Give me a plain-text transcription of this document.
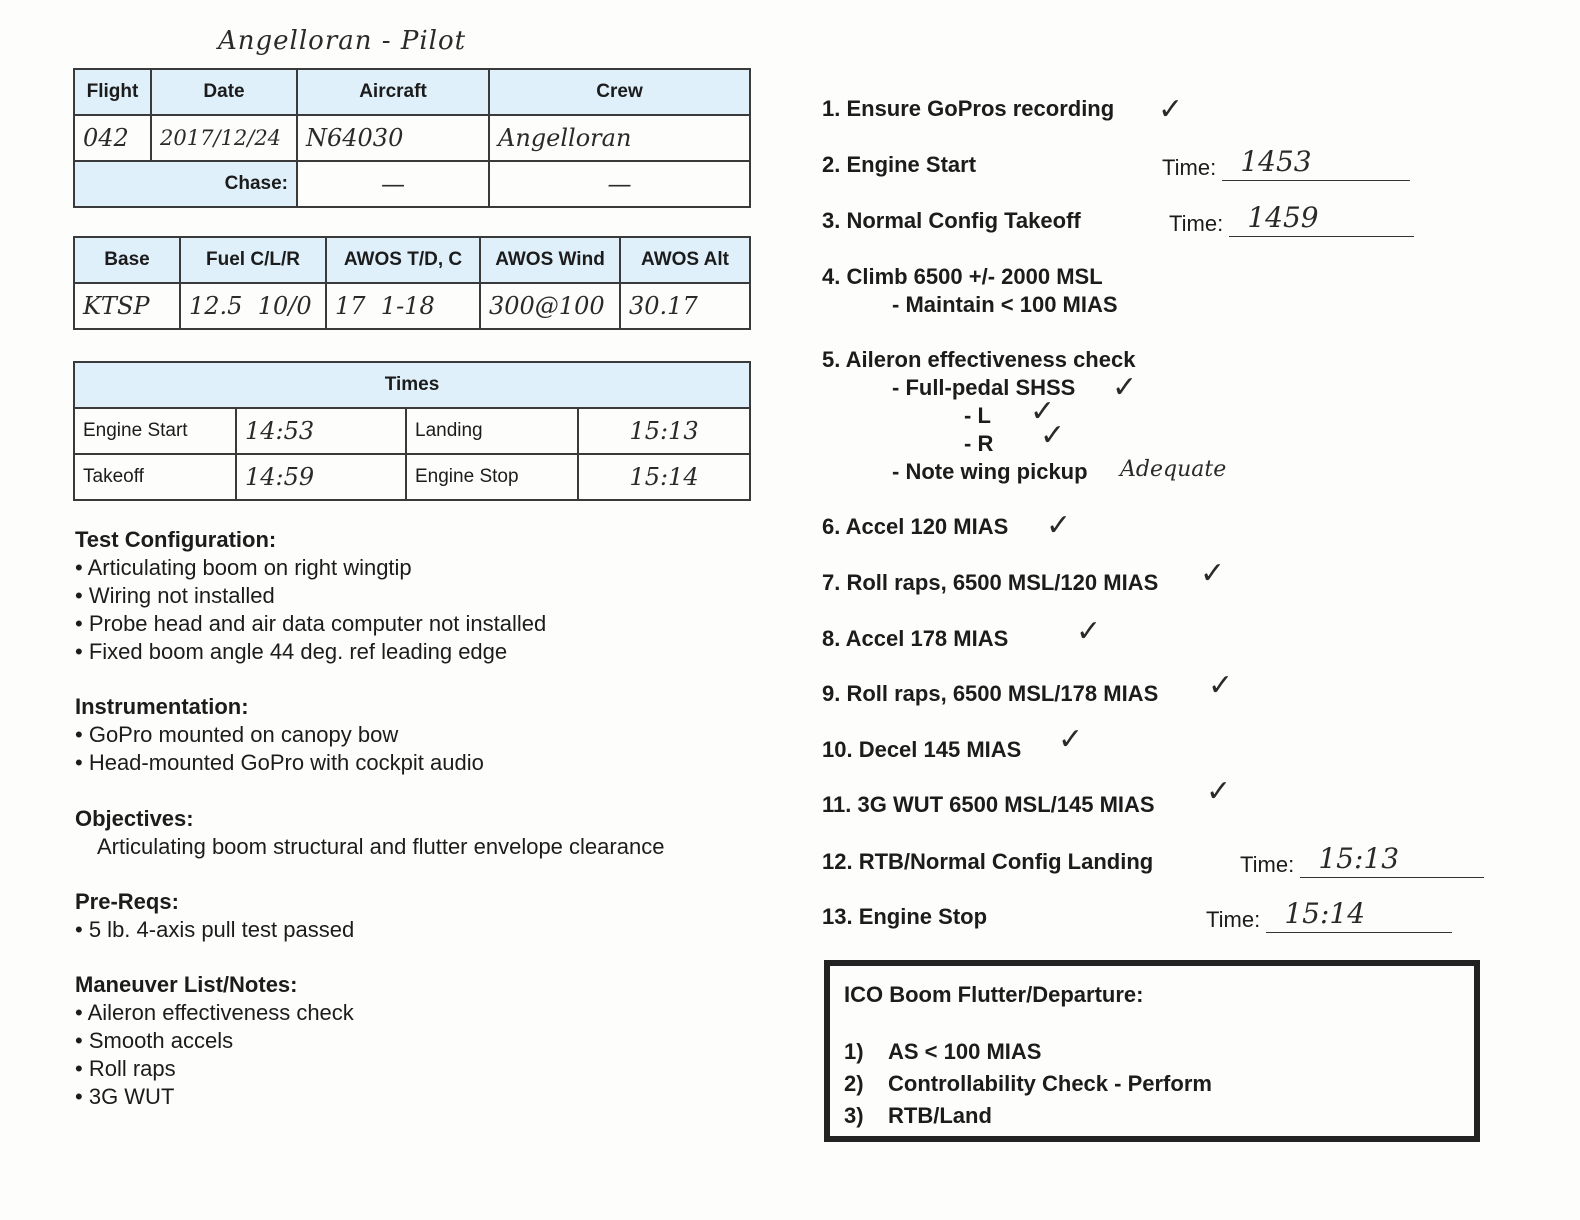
Angelloran - Pilot
Flight	Date	Aircraft	Crew
042	2017/12/24	N64030	Angelloran
Chase:		—	—
Base	Fuel C/L/R	AWOS T/D, C	AWOS Wind	AWOS Alt
KTSP	12.5  10/0	17  1-18	300@100	30.17
Times			
Engine Start	14:53	Landing	15:13
Takeoff	14:59	Engine Stop	15:14
Test Configuration:
• Articulating boom on right wingtip
• Wiring not installed
• Probe head and air data computer not installed
• Fixed boom angle 44 deg. ref leading edge
Instrumentation:
• GoPro mounted on canopy bow
• Head-mounted GoPro with cockpit audio
Objectives:
Articulating boom structural and flutter envelope clearance
Pre-Reqs:
• 5 lb. 4-axis pull test passed
Maneuver List/Notes:
• Aileron effectiveness check
• Smooth accels
• Roll raps
• 3G WUT
1. Ensure GoPros recording ✓
2. Engine Start	Time: 1453
3. Normal Config Takeoff	Time: 1459
4. Climb 6500 +/- 2000 MSL
- Maintain < 100 MIAS
5. Aileron effectiveness check
- Full-pedal SHSS ✓
- L ✓
- R ✓
- Note wing pickup Adequate
6. Accel 120 MIAS ✓
7. Roll raps, 6500 MSL/120 MIAS ✓
8. Accel 178 MIAS ✓
9. Roll raps, 6500 MSL/178 MIAS ✓
10. Decel 145 MIAS ✓
11. 3G WUT 6500 MSL/145 MIAS ✓
12. RTB/Normal Config Landing	Time: 15:13
13. Engine Stop	Time: 15:14
ICO Boom Flutter/Departure:
1) AS < 100 MIAS
2) Controllability Check - Perform
3) RTB/Land
